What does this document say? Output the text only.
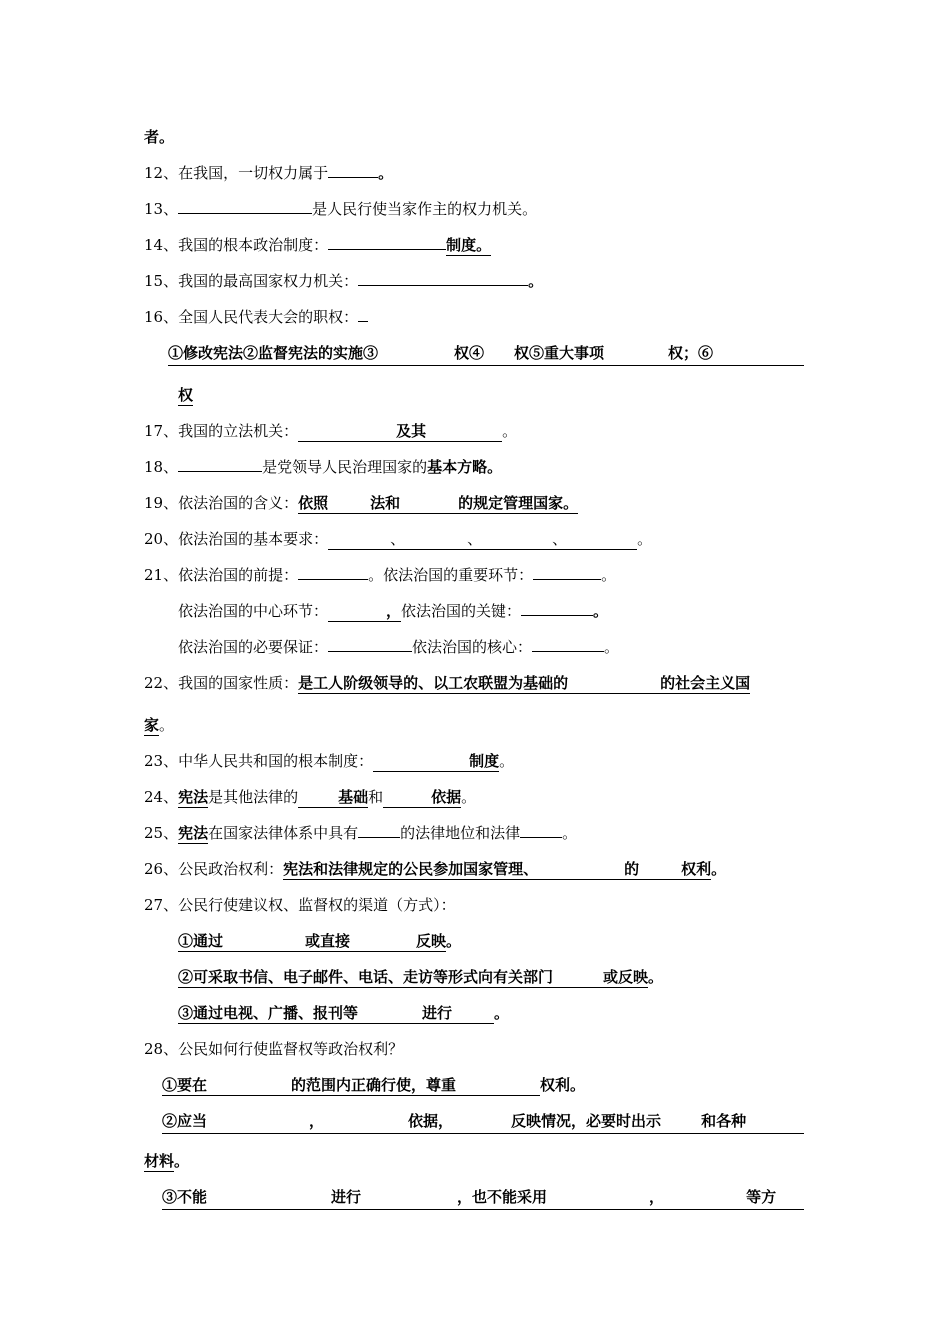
者。
12、在我国，一切权力属于	。
13、	是人民行使当家作主的权力机关。
14、我国的根本政治制度：	制度。
15、我国的最高国家权力机关：	。
16、全国人民代表大会的职权：
①修改宪法②监督宪法的实施③	权④ 权⑤重大事项	权；⑥
权
17、我国的立法机关：	及其	。
18、	是党领导人民治理国家的基本方略。
19、依法治国的含义：依照	法和	的规定管理国家。
20、依法治国的基本要求：	、	、	、	。
21、依法治国的前提：	。依法治国的重要环节：	。
依法治国的中心环节：	，依法治国的关键：	。
依法治国的必要保证：	依法治国的核心：	。
22、我国的国家性质：是工人阶级领导的、以工农联盟为基础的	的社会主义国
家。
23、中华人民共和国的根本制度：	制度。
24、宪法是其他法律的	基础和	依据。
25、宪法在国家法律体系中具有	的法律地位和法律	。
26、公民政治权利：宪法和法律规定的公民参加国家管理、	的	权利。
27、公民行使建议权、监督权的渠道（方式）：
①通过	或直接	反映。
②可采取书信、电子邮件、电话、走访等形式向有关部门	或反映。
③通过电视、广播、报刊等	进行	。
28、公民如何行使监督权等政治权利？
①要在	的范围内正确行使，尊重	权利。
②应当	，	依据，	反映情况，必要时出示	和各种
材料。
③不能	进行	，也不能采用	，	等方
